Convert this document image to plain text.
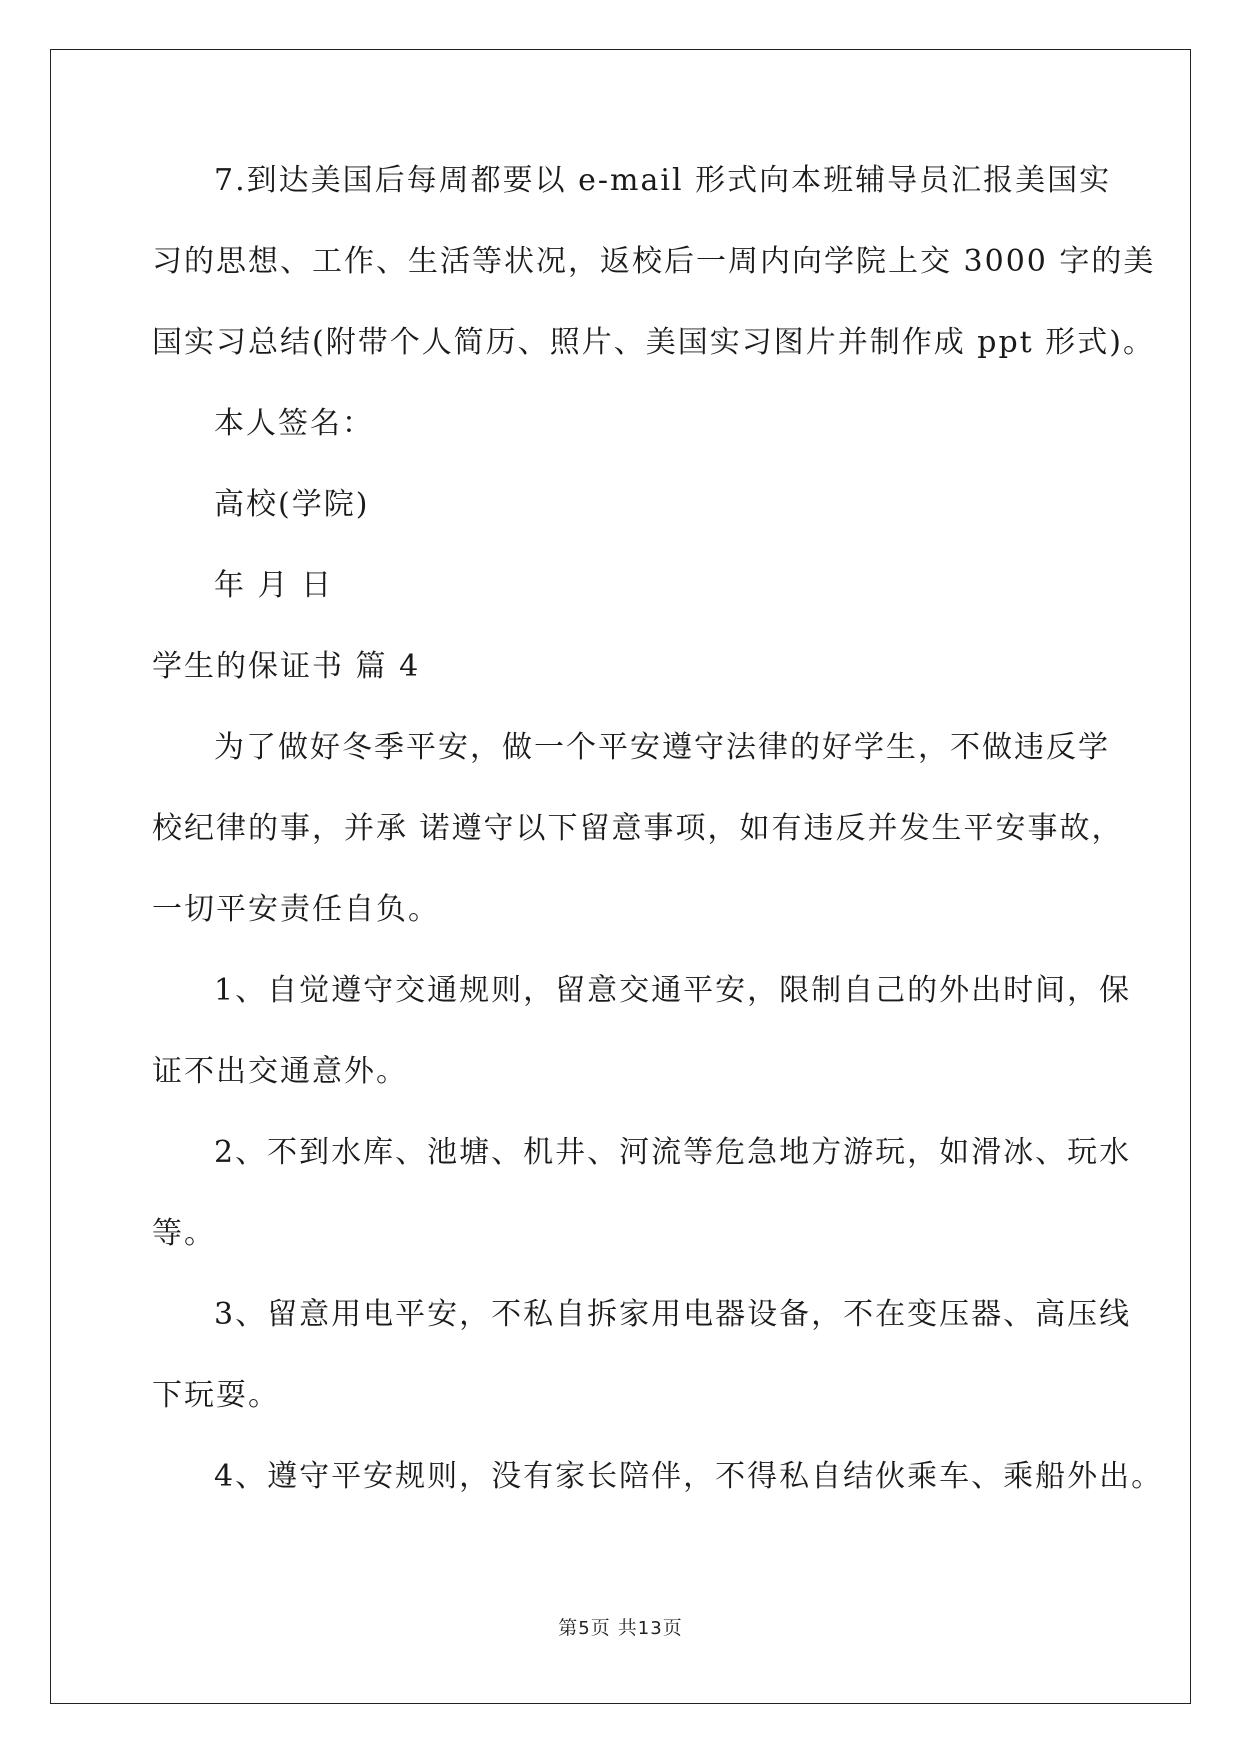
7.到达美国后每周都要以 e-mail 形式向本班辅导员汇报美国实
习的思想、工作、生活等状况，返校后一周内向学院上交 3000 字的美
国实习总结(附带个人简历、照片、美国实习图片并制作成 ppt 形式)。
本人签名：
高校(学院)
年 月 日
学生的保证书 篇 4
为了做好冬季平安，做一个平安遵守法律的好学生，不做违反学
校纪律的事，并承 诺遵守以下留意事项，如有违反并发生平安事故，
一切平安责任自负。
1、自觉遵守交通规则，留意交通平安，限制自己的外出时间，保
证不出交通意外。
2、不到水库、池塘、机井、河流等危急地方游玩，如滑冰、玩水
等。
3、留意用电平安，不私自拆家用电器设备，不在变压器、高压线
下玩耍。
4、遵守平安规则，没有家长陪伴，不得私自结伙乘车、乘船外出。
第5页 共13页
